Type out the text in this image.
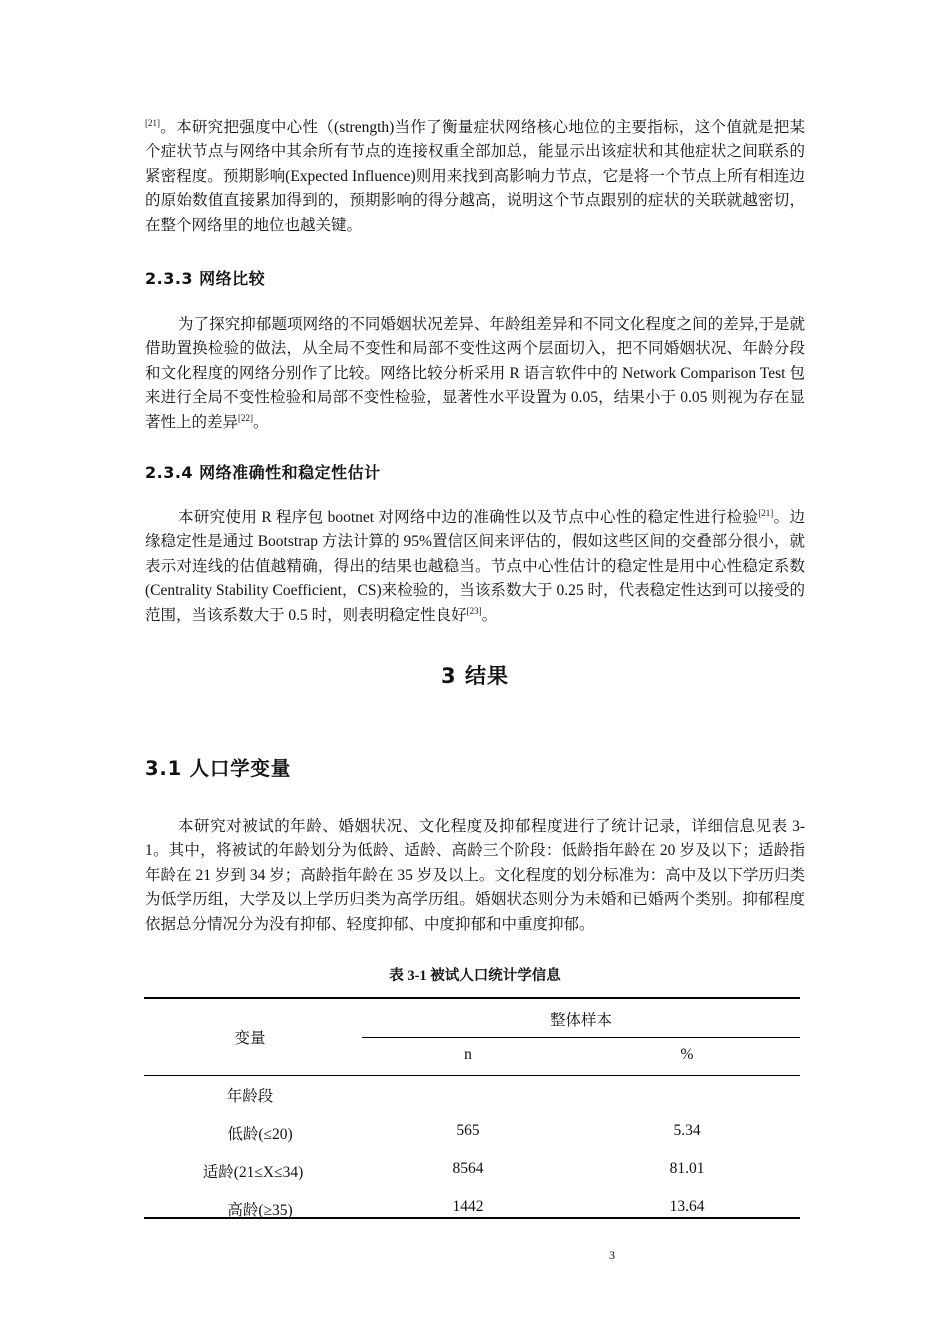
[21]。本研究把强度中心性（(strength)当作了衡量症状网络核心地位的主要指标，这个值就是把某个症状节点与网络中其余所有节点的连接权重全部加总，能显示出该症状和其他症状之间联系的紧密程度。预期影响(Expected Influence)则用来找到高影响力节点，它是将一个节点上所有相连边的原始数值直接累加得到的，预期影响的得分越高，说明这个节点跟别的症状的关联就越密切，在整个网络里的地位也越关键。

2.3.3 网络比较

为了探究抑郁题项网络的不同婚姻状况差异、年龄组差异和不同文化程度之间的差异,于是就借助置换检验的做法，从全局不变性和局部不变性这两个层面切入，把不同婚姻状况、年龄分段和文化程度的网络分别作了比较。网络比较分析采用 R 语言软件中的 Network Comparison Test 包来进行全局不变性检验和局部不变性检验，显著性水平设置为 0.05，结果小于 0.05 则视为存在显著性上的差异[22]。

2.3.4 网络准确性和稳定性估计

本研究使用 R 程序包 bootnet 对网络中边的准确性以及节点中心性的稳定性进行检验[21]。边缘稳定性是通过 Bootstrap 方法计算的 95%置信区间来评估的，假如这些区间的交叠部分很小，就表示对连线的估值越精确，得出的结果也越稳当。节点中心性估计的稳定性是用中心性稳定系数(Centrality Stability Coefficient，CS)来检验的，当该系数大于 0.25 时，代表稳定性达到可以接受的范围，当该系数大于 0.5 时，则表明稳定性良好[23]。

3 结果
3.1 人口学变量

本研究对被试的年龄、婚姻状况、文化程度及抑郁程度进行了统计记录，详细信息见表 3-1。其中，将被试的年龄划分为低龄、适龄、高龄三个阶段：低龄指年龄在 20 岁及以下；适龄指年龄在 21 岁到 34 岁；高龄指年龄在 35 岁及以上。文化程度的划分标准为：高中及以下学历归类为低学历组，大学及以上学历归类为高学历组。婚姻状态则分为未婚和已婚两个类别。抑郁程度依据总分情况分为没有抑郁、轻度抑郁、中度抑郁和中重度抑郁。

表 3-1 被试人口统计学信息

变量
整体样本
n	%
年龄段
低龄(≤20)	565	5.34
适龄(21≤X≤34)	8564	81.01
高龄(≥35)	1442	13.64
3
